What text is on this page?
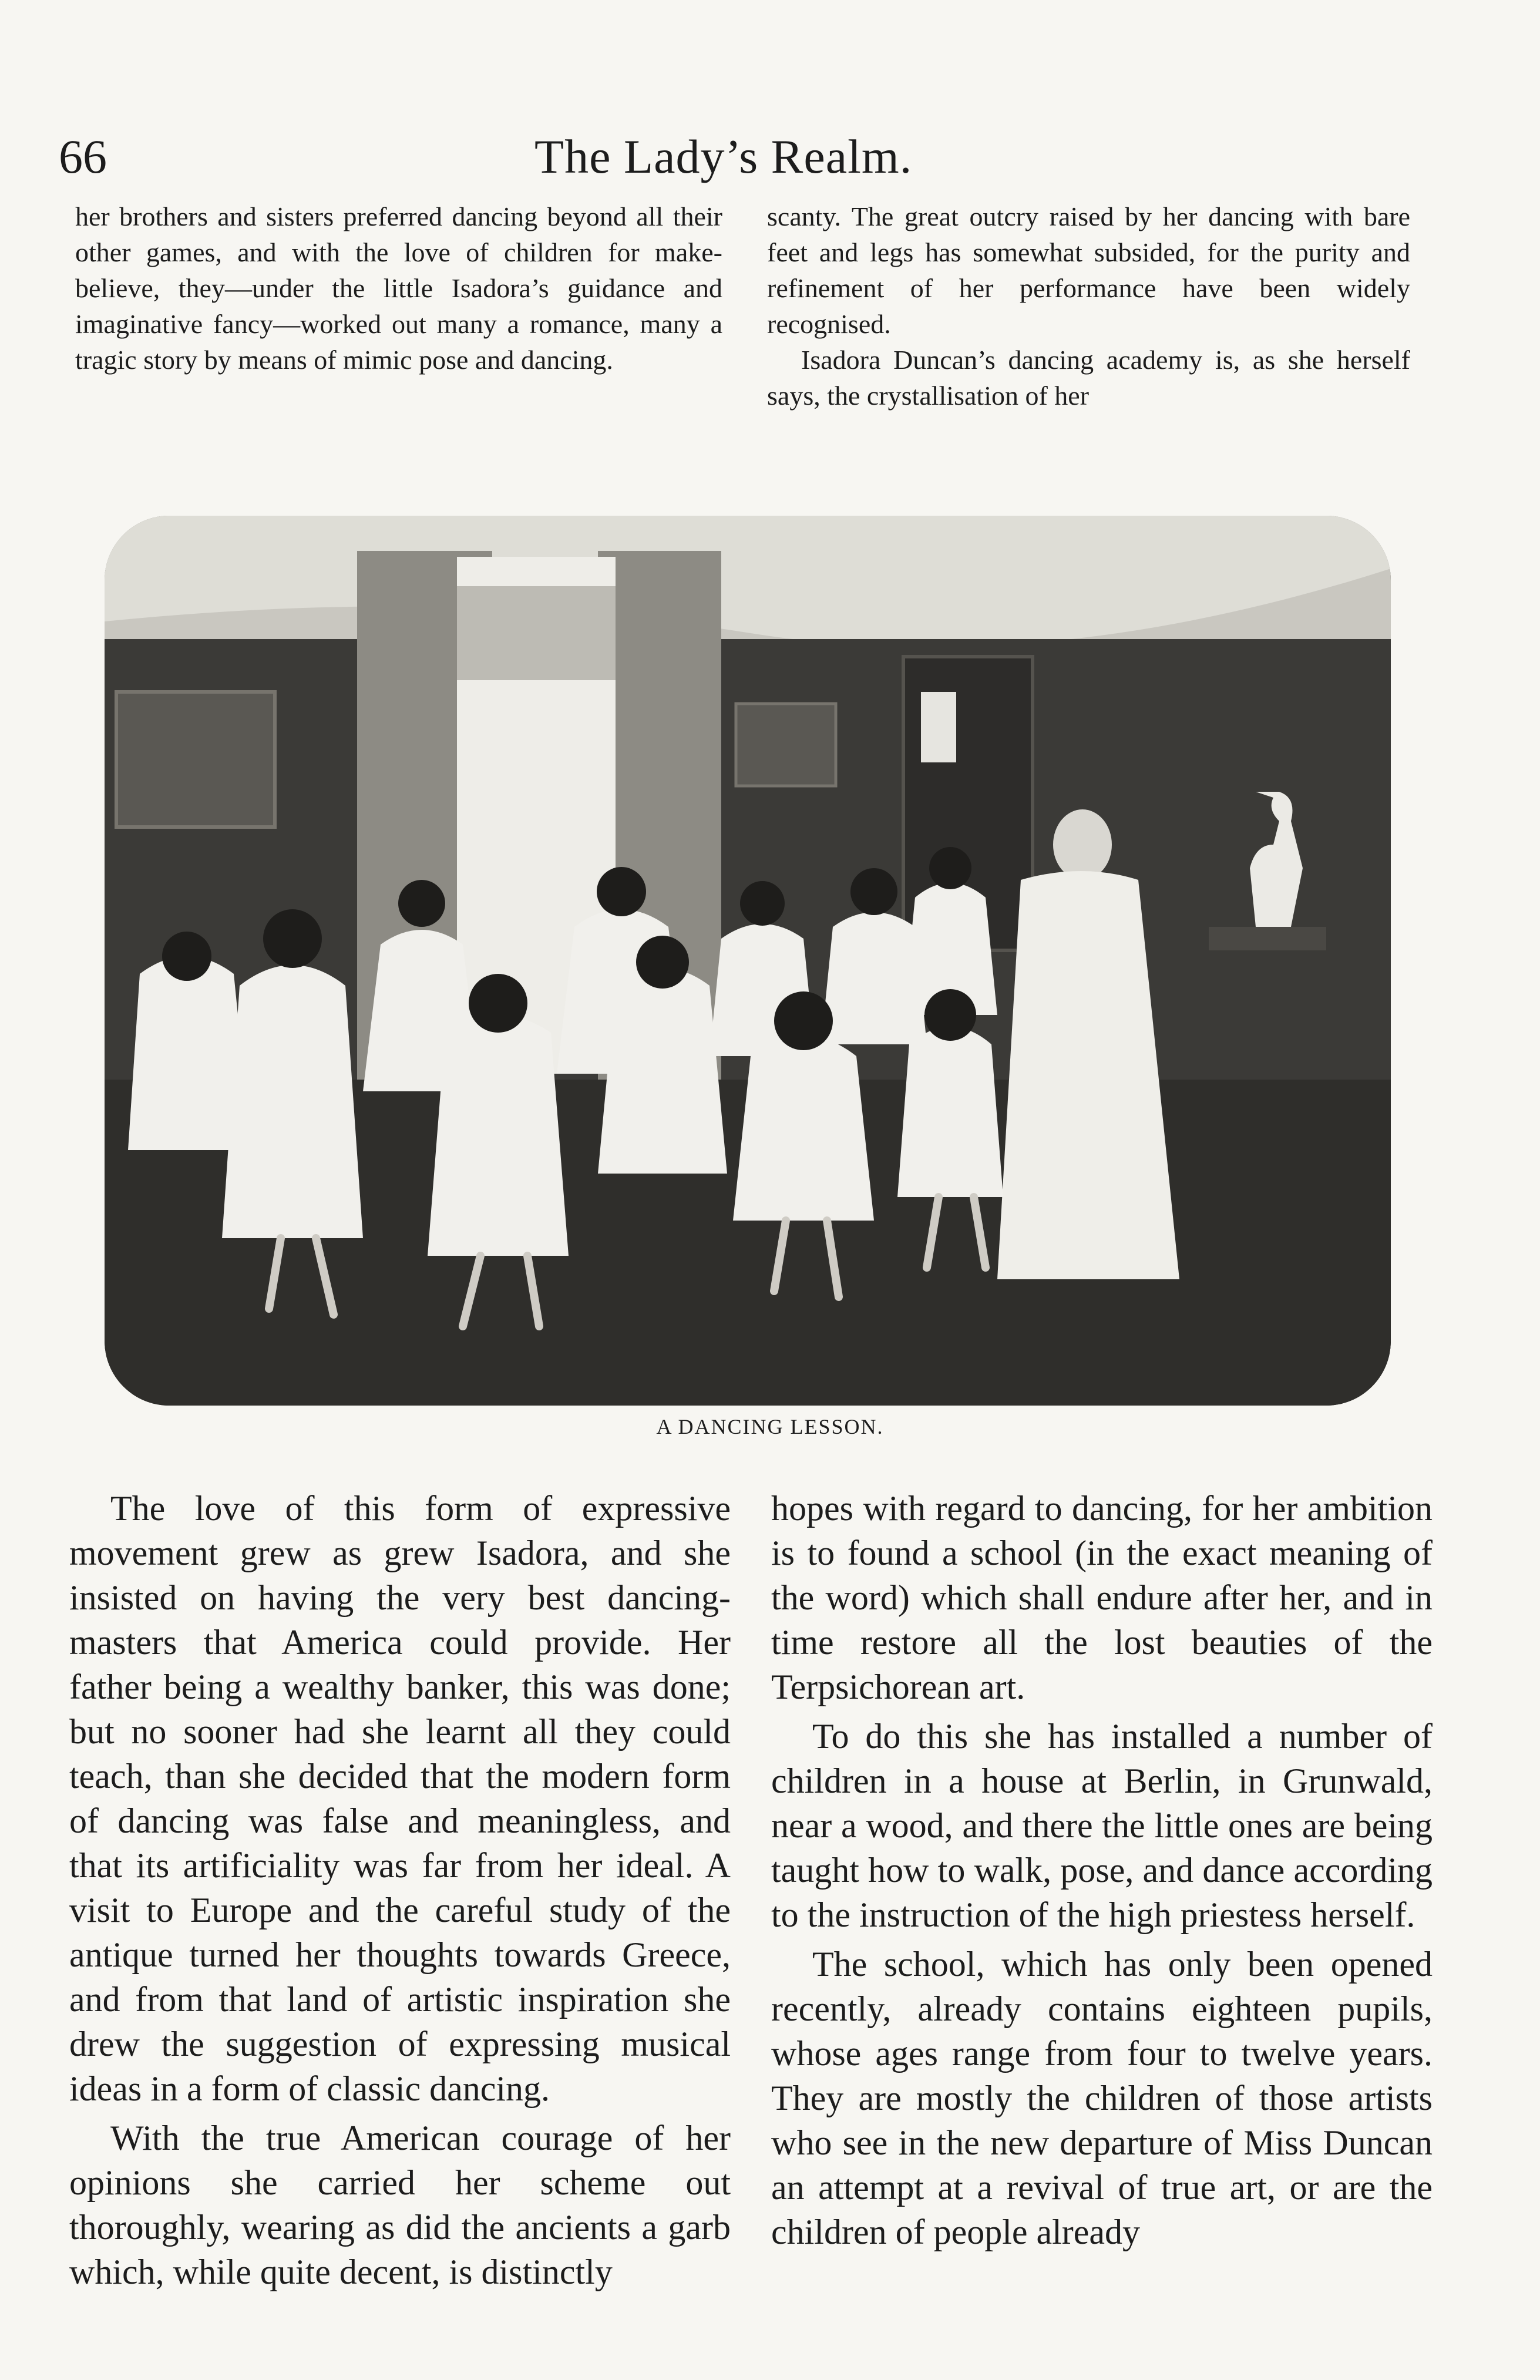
66	The Lady’s Realm.

her brothers and sisters preferred dancing beyond all their other games, and with the love of children for make-believe, they—under the little Isadora’s guidance and imaginative fancy—worked out many a romance, many a tragic story by means of mimic pose and dancing.

scanty. The great outcry raised by her dancing with bare feet and legs has somewhat subsided, for the purity and refinement of her performance have been widely recognised.

Isadora Duncan’s dancing academy is, as she herself says, the crystallisation of her

A DANCING LESSON.

The love of this form of expressive movement grew as grew Isadora, and she insisted on having the very best dancing-masters that America could provide. Her father being a wealthy banker, this was done; but no sooner had she learnt all they could teach, than she decided that the modern form of dancing was false and meaningless, and that its artificiality was far from her ideal. A visit to Europe and the careful study of the antique turned her thoughts towards Greece, and from that land of artistic inspiration she drew the suggestion of expressing musical ideas in a form of classic dancing.

With the true American courage of her opinions she carried her scheme out thoroughly, wearing as did the ancients a garb which, while quite decent, is distinctly

hopes with regard to dancing, for her ambition is to found a school (in the exact meaning of the word) which shall endure after her, and in time restore all the lost beauties of the Terpsichorean art.

To do this she has installed a number of children in a house at Berlin, in Grunwald, near a wood, and there the little ones are being taught how to walk, pose, and dance according to the instruction of the high priestess herself.

The school, which has only been opened recently, already contains eighteen pupils, whose ages range from four to twelve years. They are mostly the children of those artists who see in the new departure of Miss Duncan an attempt at a revival of true art, or are the children of people already
